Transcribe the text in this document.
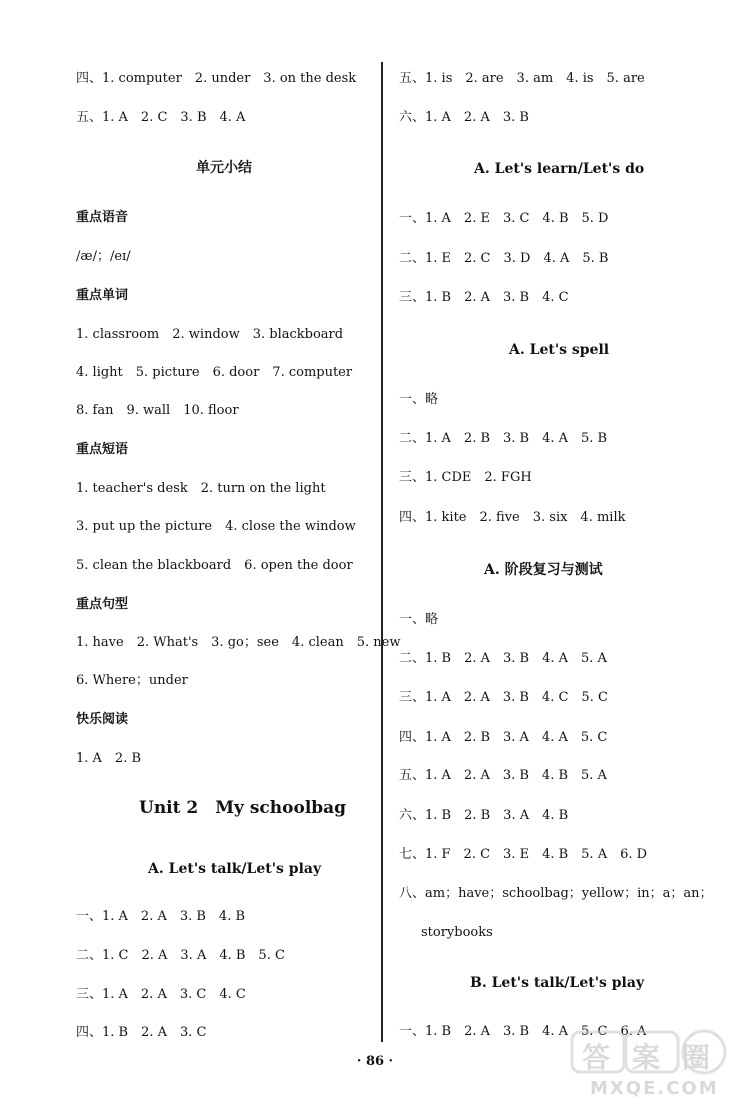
四、1. computer　2. under　3. on the desk
五、1. A　2. C　3. B　4. A
单元小结
重点语音
/æ/；/eɪ/
重点单词
1. classroom　2. window　3. blackboard
4. light　5. picture　6. door　7. computer
8. fan　9. wall　10. floor
重点短语
1. teacher's desk　2. turn on the light
3. put up the picture　4. close the window
5. clean the blackboard　6. open the door
重点句型
1. have　2. What's　3. go；see　4. clean　5. new
6. Where；under
快乐阅读
1. A　2. B
Unit 2　My schoolbag
A. Let's talk/Let's play
一、1. A　2. A　3. B　4. B
二、1. C　2. A　3. A　4. B　5. C
三、1. A　2. A　3. C　4. C
四、1. B　2. A　3. C
五、1. is　2. are　3. am　4. is　5. are
六、1. A　2. A　3. B
A. Let's learn/Let's do
一、1. A　2. E　3. C　4. B　5. D
二、1. E　2. C　3. D　4. A　5. B
三、1. B　2. A　3. B　4. C
A. Let's spell
一、略
二、1. A　2. B　3. B　4. A　5. B
三、1. CDE　2. FGH
四、1. kite　2. five　3. six　4. milk
A. 阶段复习与测试
一、略
二、1. B　2. A　3. B　4. A　5. A
三、1. A　2. A　3. B　4. C　5. C
四、1. A　2. B　3. A　4. A　5. C
五、1. A　2. A　3. B　4. B　5. A
六、1. B　2. B　3. A　4. B
七、1. F　2. C　3. E　4. B　5. A　6. D
八、am；have；schoolbag；yellow；in；a；an；
storybooks
B. Let's talk/Let's play
一、1. B　2. A　3. B　4. A　5. C　6. A
· 86 ·	答案圈
MXQE.COM
